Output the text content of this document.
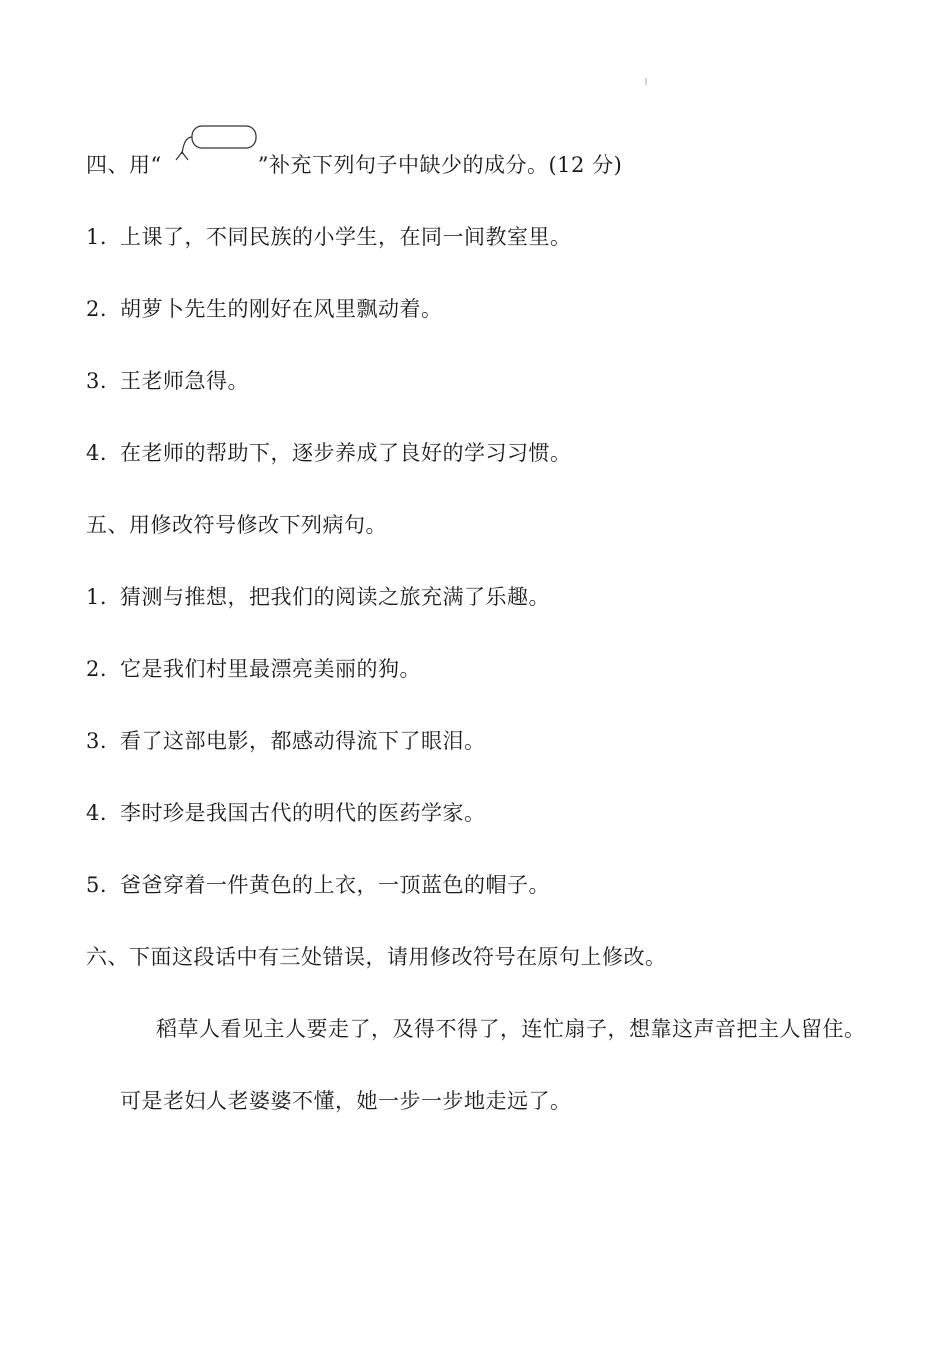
四、用“	”补充下列句子中缺少的成分。(12 分)
1. 上课了，不同民族的小学生，在同一间教室里。
2. 胡萝卜先生的刚好在风里飘动着。
3. 王老师急得。
4. 在老师的帮助下，逐步养成了良好的学习习惯。
五、用修改符号修改下列病句。
1. 猜测与推想，把我们的阅读之旅充满了乐趣。
2. 它是我们村里最漂亮美丽的狗。
3. 看了这部电影，都感动得流下了眼泪。
4. 李时珍是我国古代的明代的医药学家。
5. 爸爸穿着一件黄色的上衣，一顶蓝色的帽子。
六、下面这段话中有三处错误，请用修改符号在原句上修改。
稻草人看见主人要走了，及得不得了，连忙扇子，想靠这声音把主人留住。
可是老妇人老婆婆不懂，她一步一步地走远了。
